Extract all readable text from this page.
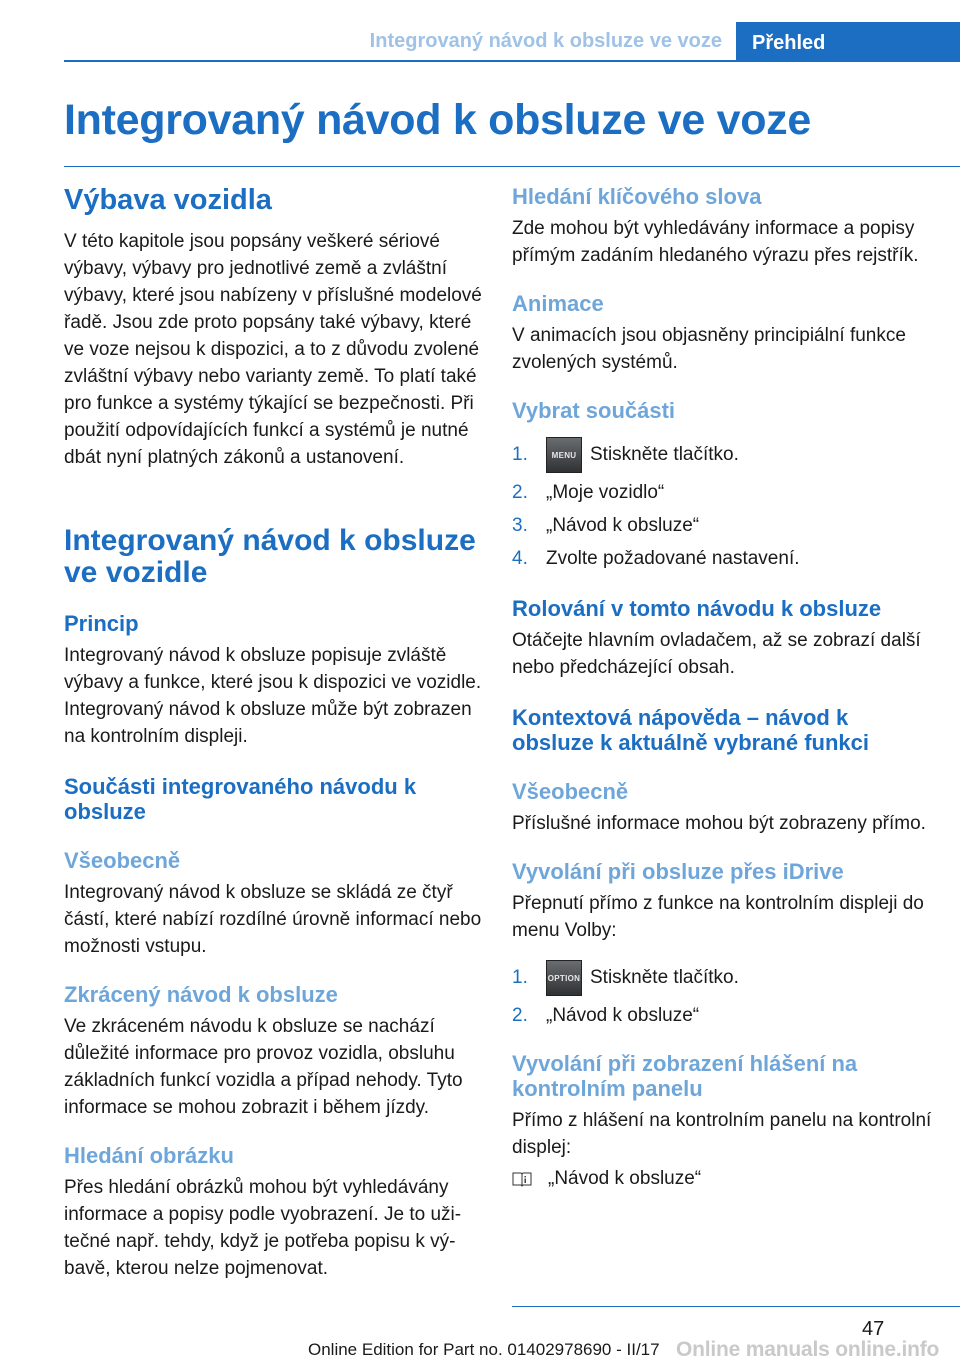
Integrovaný návod k obsluze ve voze	Přehled
Integrovaný návod k obsluze ve voze
Výbava vozidla

V této kapitole jsou popsány veškeré sériové výbavy, výbavy pro jednotlivé země a zvláštní výbavy, které jsou nabízeny v příslušné modelové řadě. Jsou zde proto popsány také výbavy, které ve voze nejsou k dispozici, a to z důvodu zvolené zvláštní výbavy nebo varianty země. To platí také pro funkce a systémy týkající se bezpečnosti. Při použití odpovídajících funkcí a systémů je nutné dbát nyní platných zákonů a ustanovení.

Integrovaný návod k obsluze ve vozidle
Princip

Integrovaný návod k obsluze popisuje zvláště výbavy a funkce, které jsou k dispozici ve vozidle. Integrovaný návod k obsluze může být zobrazen na kontrolním displeji.

Součásti integrovaného návodu k obsluze
Všeobecně

Integrovaný návod k obsluze se skládá ze čtyř částí, které nabízí rozdílné úrovně informací nebo možnosti vstupu.

Zkrácený návod k obsluze

Ve zkráceném návodu k obsluze se nachází důležité informace pro provoz vozidla, obsluhu základních funkcí vozidla a případ nehody. Tyto informace se mohou zobrazit i během jízdy.

Hledání obrázku

Přes hledání obrázků mohou být vyhledávány informace a popisy podle vyobrazení. Je to užitečné např. tehdy, když je potřeba popisu k výbavě, kterou nelze pojmenovat.

Hledání klíčového slova

Zde mohou být vyhledávány informace a popisy přímým zadáním hledaného výrazu přes rejstřík.

Animace

V animacích jsou objasněny principiální funkce zvolených systémů.

Vybrat součásti
1.	MENU Stiskněte tlačítko.
2. „Moje vozidlo“
3. „Návod k obsluze“
4. Zvolte požadované nastavení.
Rolování v tomto návodu k obsluze

Otáčejte hlavním ovladačem, až se zobrazí další nebo předcházející obsah.

Kontextová nápověda – návod k obsluze k aktuálně vybrané funkci
Všeobecně

Příslušné informace mohou být zobrazeny přímo.

Vyvolání při obsluze přes iDrive

Přepnutí přímo z funkce na kontrolním displeji do menu Volby:

1. OPTION Stiskněte tlačítko.
2. „Návod k obsluze“
Vyvolání při zobrazení hlášení na kontrolním panelu

Přímo z hlášení na kontrolním panelu na kontrolní displej:

„Návod k obsluze“
47
Online Edition for Part no. 01402978690 - II/17 Online manuals online.info
